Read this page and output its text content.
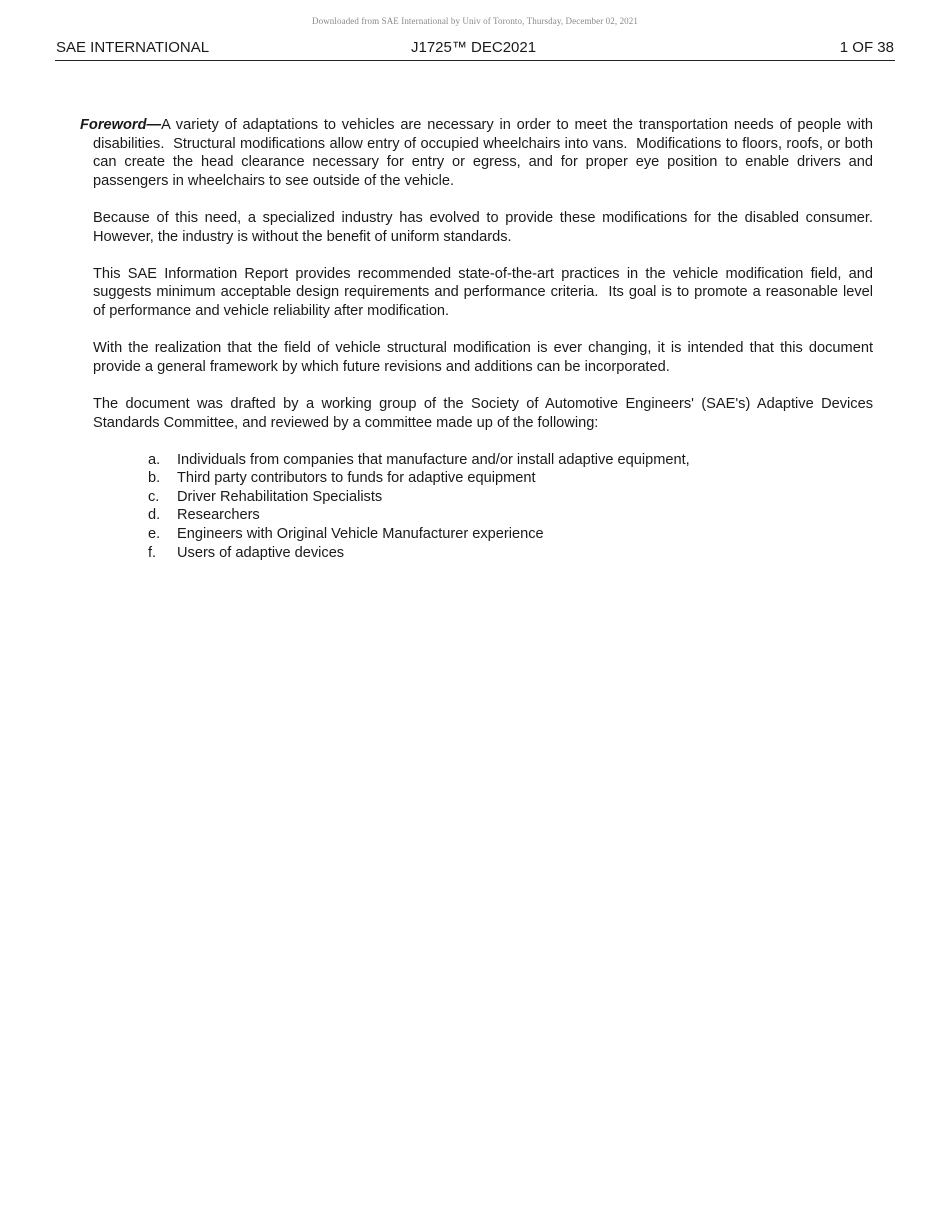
Downloaded from SAE International by Univ of Toronto, Thursday, December 02, 2021
SAE INTERNATIONAL	J1725™ DEC2021	1 OF 38

Foreword—A variety of adaptations to vehicles are necessary in order to meet the transportation needs of people with disabilities.  Structural modifications allow entry of occupied wheelchairs into vans.  Modifications to floors, roofs, or both can create the head clearance necessary for entry or egress, and for proper eye position to enable drivers and passengers in wheelchairs to see outside of the vehicle.

Because of this need, a specialized industry has evolved to provide these modifications for the disabled consumer. However, the industry is without the benefit of uniform standards.

This SAE Information Report provides recommended state-of-the-art practices in the vehicle modification field, and suggests minimum acceptable design requirements and performance criteria.  Its goal is to promote a reasonable level of performance and vehicle reliability after modification.

With the realization that the field of vehicle structural modification is ever changing, it is intended that this document provide a general framework by which future revisions and additions can be incorporated.

The document was drafted by a working group of the Society of Automotive Engineers' (SAE's) Adaptive Devices Standards Committee, and reviewed by a committee made up of the following:

a. Individuals from companies that manufacture and/or install adaptive equipment,
b. Third party contributors to funds for adaptive equipment
c. Driver Rehabilitation Specialists
d. Researchers
e. Engineers with Original Vehicle Manufacturer experience
f. Users of adaptive devices
